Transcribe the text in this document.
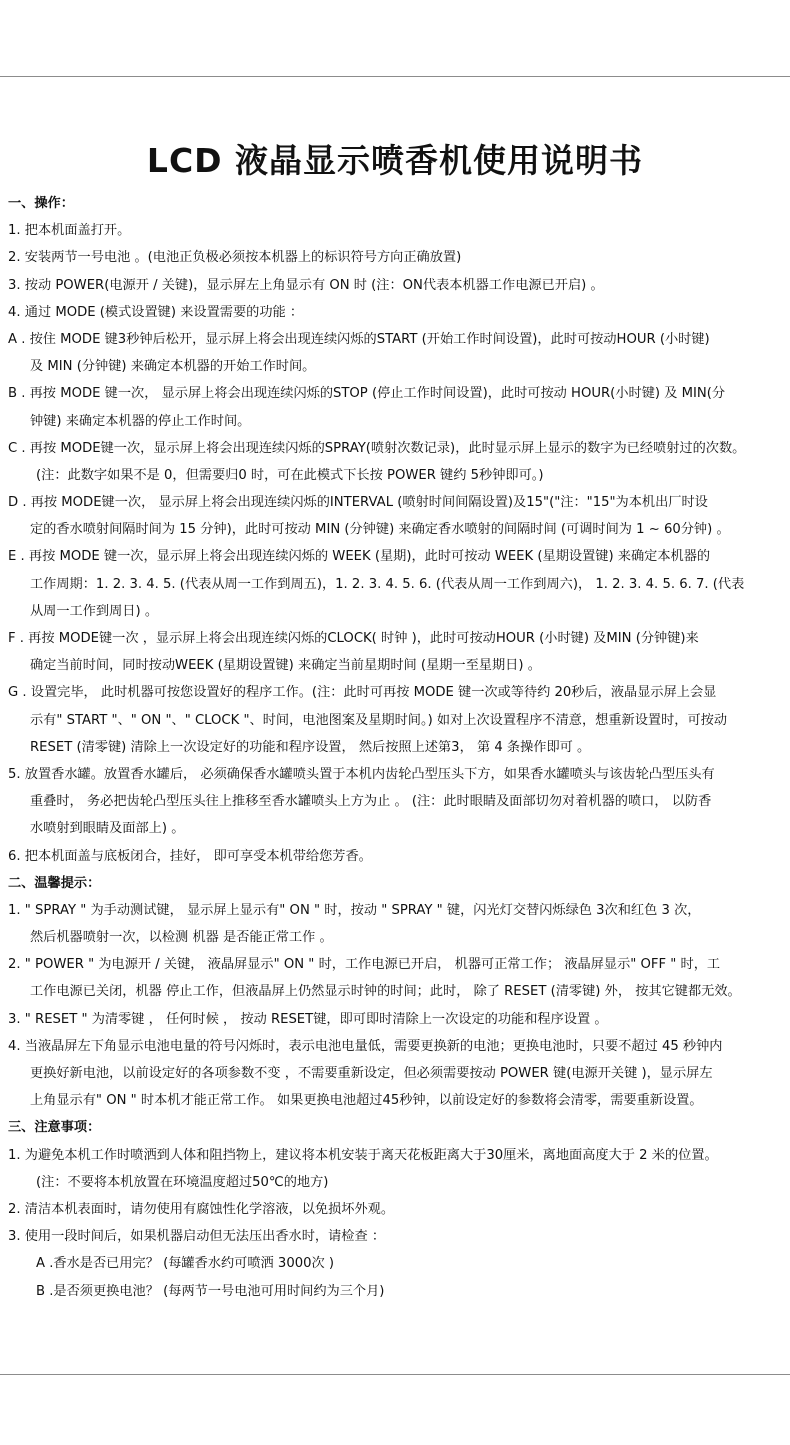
LCD 液晶显示喷香机使用说明书
一、操作：
1. 把本机面盖打开。
2. 安装两节一号电池 。(电池正负极必须按本机器上的标识符号方向正确放置)
3. 按动 POWER(电源开 / 关键)，显示屏左上角显示有 ON 时 (注：ON代表本机器工作电源已开启) 。
4. 通过 MODE (模式设置键) 来设置需要的功能 ：
A . 按住 MODE 键3秒钟后松开，显示屏上将会出现连续闪烁的START (开始工作时间设置)，此时可按动HOUR (小时键)
及 MIN (分钟键) 来确定本机器的开始工作时间。
B . 再按 MODE 键一次， 显示屏上将会出现连续闪烁的STOP (停止工作时间设置)，此时可按动 HOUR(小时键) 及 MIN(分
钟键) 来确定本机器的停止工作时间。
C . 再按 MODE键一次，显示屏上将会出现连续闪烁的SPRAY(喷射次数记录)，此时显示屏上显示的数字为已经喷射过的次数。
(注：此数字如果不是 0，但需要归0 时，可在此模式下长按 POWER 键约 5秒钟即可。)
D . 再按 MODE键一次， 显示屏上将会出现连续闪烁的INTERVAL (喷射时间间隔设置)及15"("注："15"为本机出厂时设
定的香水喷射间隔时间为 15 分钟)，此时可按动 MIN (分钟键) 来确定香水喷射的间隔时间 (可调时间为 1 ~ 60分钟) 。
E . 再按 MODE 键一次，显示屏上将会出现连续闪烁的 WEEK (星期)，此时可按动 WEEK (星期设置键) 来确定本机器的
工作周期：1. 2. 3. 4. 5. (代表从周一工作到周五)，1. 2. 3. 4. 5. 6. (代表从周一工作到周六)， 1. 2. 3. 4. 5. 6. 7. (代表
从周一工作到周日) 。
F . 再按 MODE键一次 ，显示屏上将会出现连续闪烁的CLOCK( 时钟 )，此时可按动HOUR (小时键) 及MIN (分钟键)来
确定当前时间，同时按动WEEK (星期设置键) 来确定当前星期时间 (星期一至星期日) 。
G . 设置完毕， 此时机器可按您设置好的程序工作。(注：此时可再按 MODE 键一次或等待约 20秒后，液晶显示屏上会显
示有" START "、" ON "、" CLOCK "、时间，电池图案及星期时间。) 如对上次设置程序不清意，想重新设置时，可按动
RESET (清零键) 清除上一次设定好的功能和程序设置， 然后按照上述第3， 第 4 条操作即可 。
5. 放置香水罐。放置香水罐后， 必须确保香水罐喷头置于本机内齿轮凸型压头下方，如果香水罐喷头与该齿轮凸型压头有
重叠时， 务必把齿轮凸型压头往上推移至香水罐喷头上方为止 。 (注：此时眼睛及面部切勿对着机器的喷口， 以防香
水喷射到眼睛及面部上) 。
6. 把本机面盖与底板闭合，挂好， 即可享受本机带给您芳香。
二、温馨提示：
1. " SPRAY " 为手动测试键， 显示屏上显示有" ON " 时，按动 " SPRAY " 键，闪光灯交替闪烁绿色 3次和红色 3 次，
然后机器喷射一次，以检测 机器 是否能正常工作 。
2. " POWER " 为电源开 / 关键， 液晶屏显示" ON " 时，工作电源已开启， 机器可正常工作； 液晶屏显示" OFF " 时，工
工作电源已关闭，机器 停止工作，但液晶屏上仍然显示时钟的时间；此时， 除了 RESET (清零键) 外， 按其它键都无效。
3. " RESET " 为清零键 ， 任何时候 ， 按动 RESET键，即可即时清除上一次设定的功能和程序设置 。
4. 当液晶屏左下角显示电池电量的符号闪烁时，表示电池电量低，需要更换新的电池；更换电池时，只要不超过 45 秒钟内
更换好新电池，以前设定好的各项参数不变 ，不需要重新设定，但必须需要按动 POWER 键(电源开关键 )，显示屏左
上角显示有" ON " 时本机才能正常工作。 如果更换电池超过45秒钟，以前设定好的参数将会清零，需要重新设置。
三、注意事项：
1. 为避免本机工作时喷洒到人体和阻挡物上，建议将本机安装于离天花板距离大于30厘米，离地面高度大于 2 米的位置。
(注：不要将本机放置在环境温度超过50℃的地方)
2. 清洁本机表面时，请勿使用有腐蚀性化学溶液，以免损坏外观。
3. 使用一段时间后，如果机器启动但无法压出香水时，请检查 ：
A .香水是否已用完？ (每罐香水约可喷洒 3000次 )
B .是否须更换电池？ (每两节一号电池可用时间约为三个月)
